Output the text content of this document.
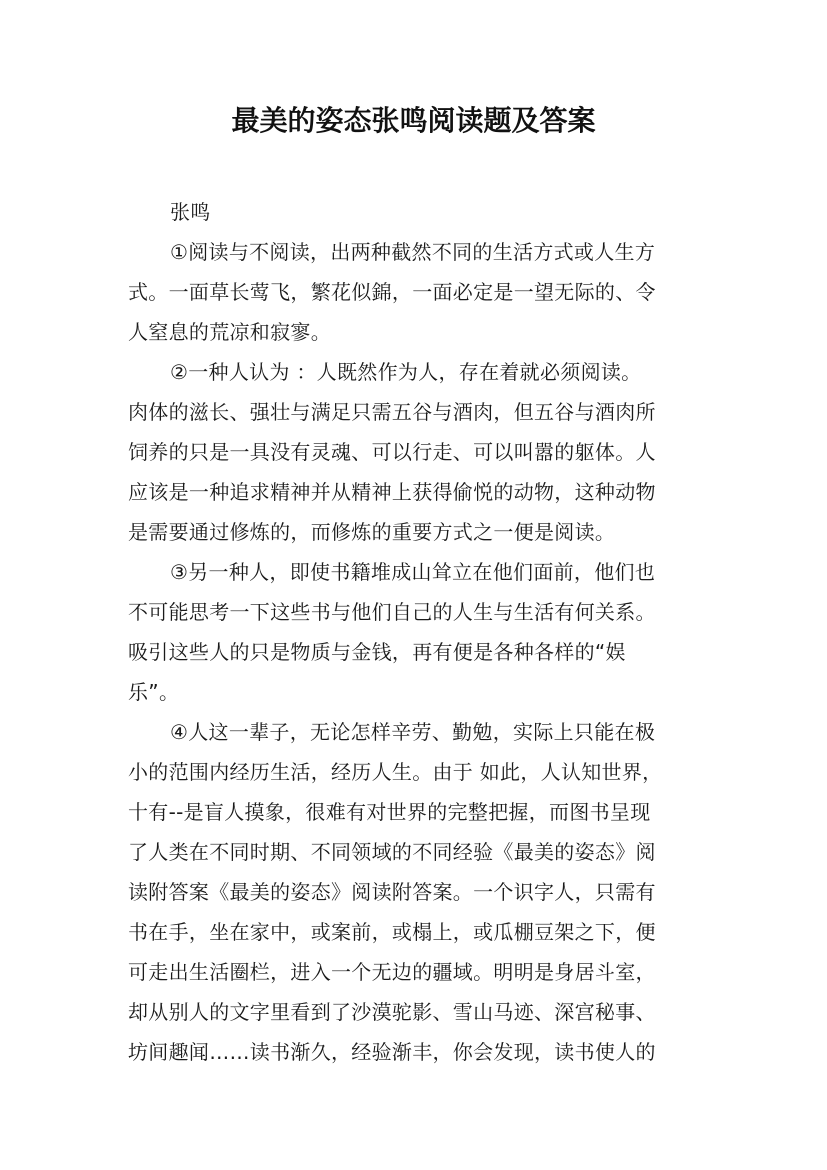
最美的姿态张鸣阅读题及答案
张鸣
①阅读与不阅读，出两种截然不同的生活方式或人生方
式。一面草长莺飞，繁花似錦，一面必定是一望无际的、令
人窒息的荒凉和寂寥。
②一种人认为 ：人既然作为人，存在着就必须阅读。
肉体的滋长、强壮与满足只需五谷与酒肉，但五谷与酒肉所
饲养的只是一具没有灵魂、可以行走、可以叫嚣的躯体。人
应该是一种追求精神并从精神上获得偷悦的动物，这种动物
是需要通过修炼的，而修炼的重要方式之一便是阅读。
③另一种人，即使书籍堆成山耸立在他们面前，他们也
不可能思考一下这些书与他们自己的人生与生活有何关系。
吸引这些人的只是物质与金钱，再有便是各种各样的“娱
乐”。
④人这一辈子，无论怎样辛劳、勤勉，实际上只能在极
小的范围内经历生活，经历人生。由于 如此，人认知世界，
十有--是盲人摸象，很难有对世界的完整把握，而图书呈现
了人类在不同时期、不同领域的不同经验《最美的姿态》阅
读附答案《最美的姿态》阅读附答案。一个识字人，只需有
书在手，坐在家中，或案前，或榻上，或瓜棚豆架之下，便
可走出生活圈栏，进入一个无边的疆域。明明是身居斗室，
却从别人的文字里看到了沙漠驼影、雪山马迹、深宫秘事、
坊间趣闻……读书渐久，经验渐丰，你会发现，读书使人的
